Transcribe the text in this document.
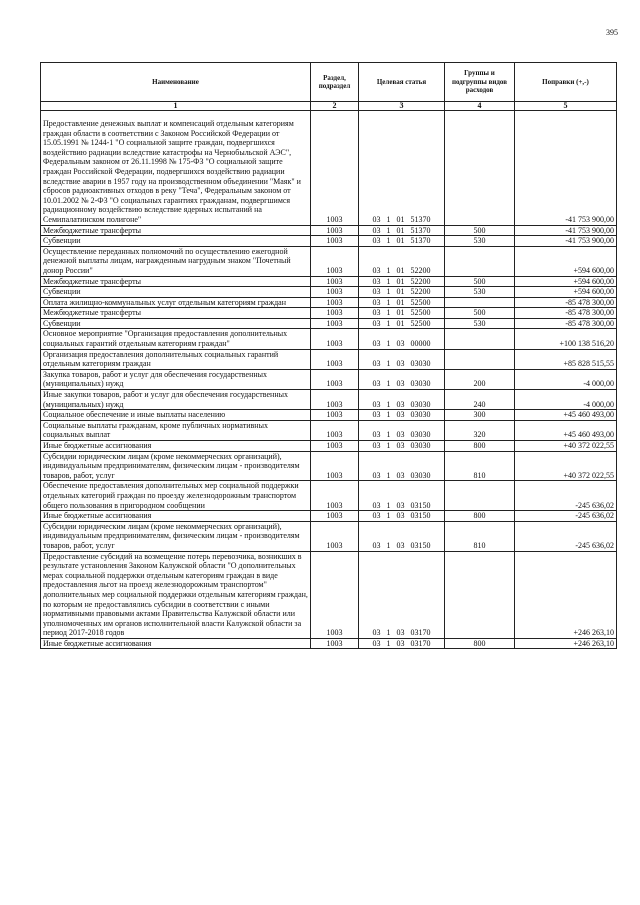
395
Наименование	Раздел, подраздел	Целевая статья	Группы и подгруппы видов расходов	Поправки (+,-)
1	2	3	4	5
Предоставление денежных выплат и компенсаций отдельным категориям граждан области в соответствии с Законом Российской Федерации от 15.05.1991 № 1244-1 "О социальной защите граждан, подвергшихся воздействию радиации вследствие катастрофы на Чернобыльской АЭС", Федеральным законом от 26.11.1998 № 175-ФЗ "О социальной защите граждан Российской Федерации, подвергшихся воздействию радиации вследствие аварии в 1957 году на производственном объединении "Маяк" и сбросов радиоактивных отходов в реку "Теча", Федеральным законом от 10.01.2002 № 2-ФЗ "О социальных гарантиях гражданам, подвергшимся радиационному воздействию вследствие ядерных испытаний на Семипалатинском полигоне"	1003	03 1 01 51370		-41 753 900,00
Межбюджетные трансферты	1003	03 1 01 51370	500	-41 753 900,00
Субвенции	1003	03 1 01 51370	530	-41 753 900,00
Осуществление переданных полномочий по осуществлению ежегодной денежной выплаты лицам, награжденным нагрудным знаком "Почетный донор России"	1003	03 1 01 52200		+594 600,00
Межбюджетные трансферты	1003	03 1 01 52200	500	+594 600,00
Субвенции	1003	03 1 01 52200	530	+594 600,00
Оплата жилищно-коммунальных услуг отдельным категориям граждан	1003	03 1 01 52500		-85 478 300,00
Межбюджетные трансферты	1003	03 1 01 52500	500	-85 478 300,00
Субвенции	1003	03 1 01 52500	530	-85 478 300,00
Основное мероприятие "Организация предоставления дополнительных социальных гарантий отдельным категориям граждан"	1003	03 1 03 00000		+100 138 516,20
Организация предоставления дополнительных социальных гарантий отдельным категориям граждан	1003	03 1 03 03030		+85 828 515,55
Закупка товаров, работ и услуг для обеспечения государственных (муниципальных) нужд	1003	03 1 03 03030	200	-4 000,00
Иные закупки товаров, работ и услуг для обеспечения государственных (муниципальных) нужд	1003	03 1 03 03030	240	-4 000,00
Социальное обеспечение и иные выплаты населению	1003	03 1 03 03030	300	+45 460 493,00
Социальные выплаты гражданам, кроме публичных нормативных социальных выплат	1003	03 1 03 03030	320	+45 460 493,00
Иные бюджетные ассигнования	1003	03 1 03 03030	800	+40 372 022,55
Субсидии юридическим лицам (кроме некоммерческих организаций), индивидуальным предпринимателям, физическим лицам - производителям товаров, работ, услуг	1003	03 1 03 03030	810	+40 372 022,55
Обеспечение предоставления дополнительных мер социальной поддержки отдельных категорий граждан по проезду железнодорожным транспортом общего пользования в пригородном сообщении	1003	03 1 03 03150		-245 636,02
Иные бюджетные ассигнования	1003	03 1 03 03150	800	-245 636,02
Субсидии юридическим лицам (кроме некоммерческих организаций), индивидуальным предпринимателям, физическим лицам - производителям товаров, работ, услуг	1003	03 1 03 03150	810	-245 636,02
Предоставление субсидий на возмещение потерь перевозчика, возникших в результате установления Законом Калужской области "О дополнительных мерах социальной поддержки отдельным категориям граждан в виде предоставления льгот на проезд железнодорожным транспортом" дополнительных мер социальной поддержки отдельным категориям граждан, по которым не предоставлялись субсидии в соответствии с иными нормативными правовыми актами Правительства Калужской области или уполномоченных им органов исполнительной власти Калужской области за период 2017-2018 годов	1003	03 1 03 03170		+246 263,10
Иные бюджетные ассигнования	1003	03 1 03 03170	800	+246 263,10
